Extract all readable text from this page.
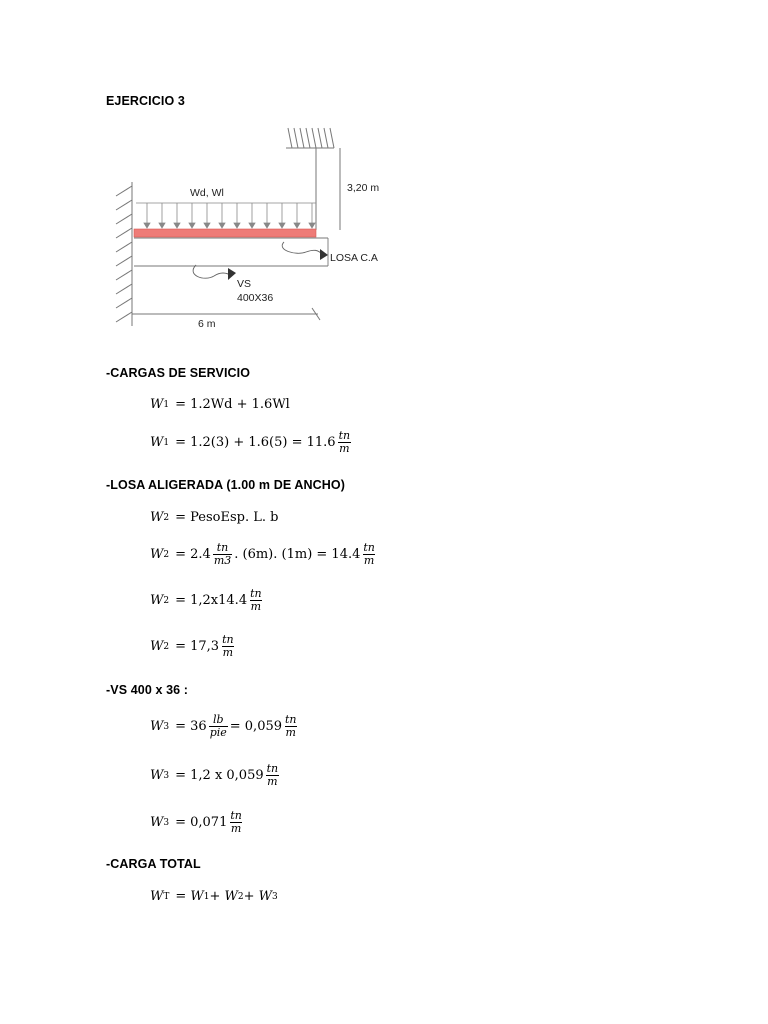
EJERCICIO 3
3,20 m
Wd, Wl
LOSA C.A
VS
400X36
6 m
-CARGAS DE SERVICIO
W 1 = 1.2Wd + 1.6Wl
W $1 = 1.2(3) + 1.6(5) = 11.6 \frac{tn}{m}$
-LOSA ALIGERADA (1.00 m DE ANCHO)
W 2 = PesoEsp. L. b
W $2 = 2.4 \frac{tn}{m3}$ . (6m). $(1m) = 14.4 \frac{tn}{m}$
W $2 = 1,2x14.4 \frac{tn}{m}$
W $2 = 17,3 \frac{tn}{m}$
-VS 400 x 36 :
W $3 = 36 \frac{lb}{\text{pie}} = 0,059 \frac{tn}{m}$
W 3 = 1,2 x $0,059 \frac{tn}{m}$
W $3 = 0,071 \frac{tn}{m}$
-CARGA TOTAL
W T = W 1 + W 2 + W 3
